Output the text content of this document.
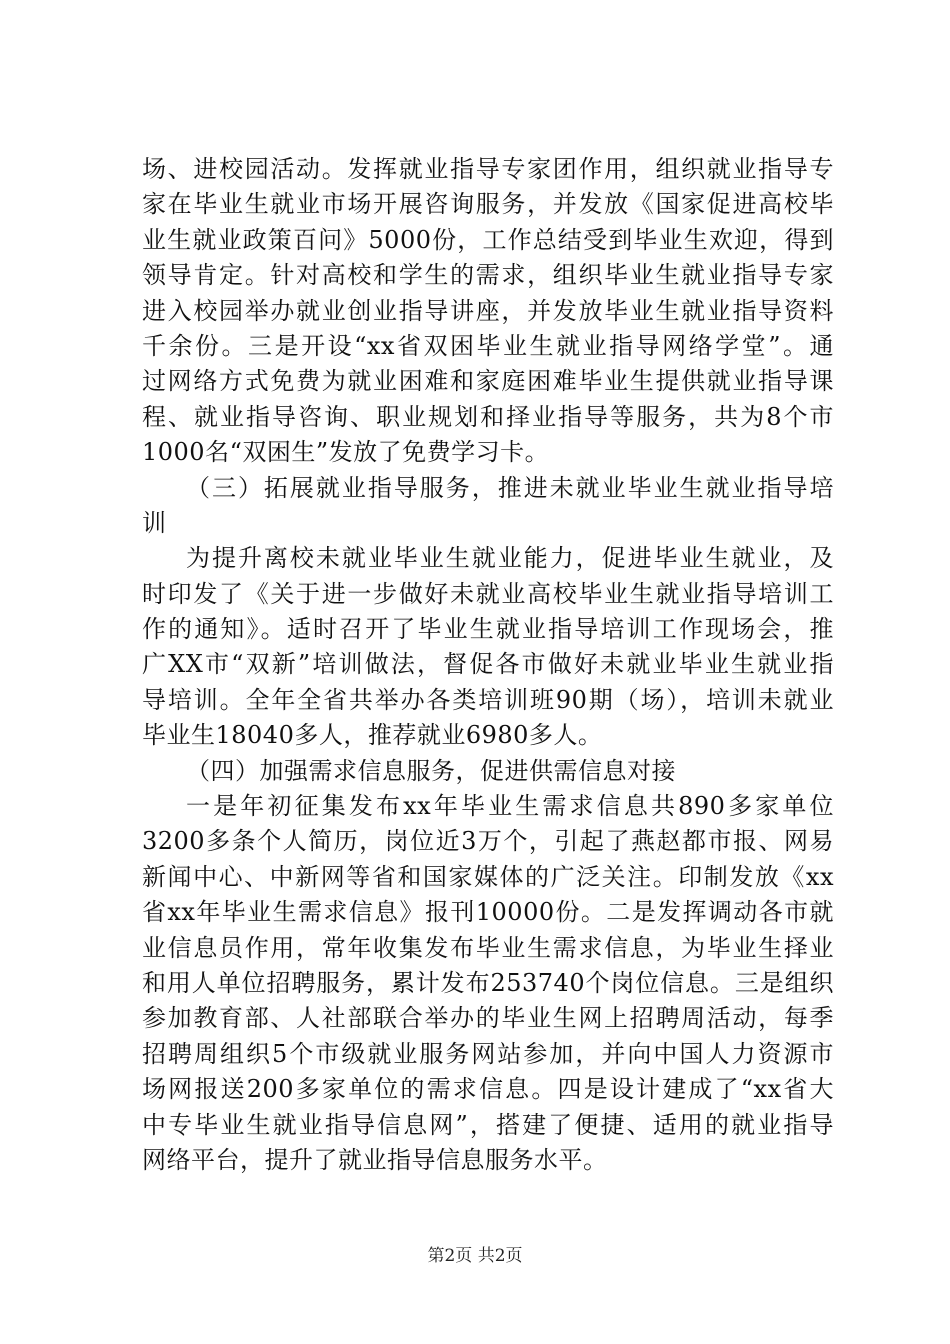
场、进校园活动。发挥就业指导专家团作用，组织就业指导专
家在毕业生就业市场开展咨询服务，并发放《国家促进高校毕
业生就业政策百问》5000份，工作总结受到毕业生欢迎，得到
领导肯定。针对高校和学生的需求，组织毕业生就业指导专家
进入校园举办就业创业指导讲座，并发放毕业生就业指导资料
千余份。三是开设“xx省双困毕业生就业指导网络学堂”。通
过网络方式免费为就业困难和家庭困难毕业生提供就业指导课
程、就业指导咨询、职业规划和择业指导等服务，共为8个市
1000名“双困生”发放了免费学习卡。
（三）拓展就业指导服务，推进未就业毕业生就业指导培
训
为提升离校未就业毕业生就业能力，促进毕业生就业，及
时印发了《关于进一步做好未就业高校毕业生就业指导培训工
作的通知》。适时召开了毕业生就业指导培训工作现场会，推
广XX市“双新”培训做法，督促各市做好未就业毕业生就业指
导培训。全年全省共举办各类培训班90期（场），培训未就业
毕业生18040多人，推荐就业6980多人。
（四）加强需求信息服务，促进供需信息对接
一是年初征集发布xx年毕业生需求信息共890多家单位
3200多条个人简历，岗位近3万个，引起了燕赵都市报、网易
新闻中心、中新网等省和国家媒体的广泛关注。印制发放《xx
省xx年毕业生需求信息》报刊10000份。二是发挥调动各市就
业信息员作用，常年收集发布毕业生需求信息，为毕业生择业
和用人单位招聘服务，累计发布253740个岗位信息。三是组织
参加教育部、人社部联合举办的毕业生网上招聘周活动，每季
招聘周组织5个市级就业服务网站参加，并向中国人力资源市
场网报送200多家单位的需求信息。四是设计建成了“xx省大
中专毕业生就业指导信息网”，搭建了便捷、适用的就业指导
网络平台，提升了就业指导信息服务水平。
第2页 共2页
